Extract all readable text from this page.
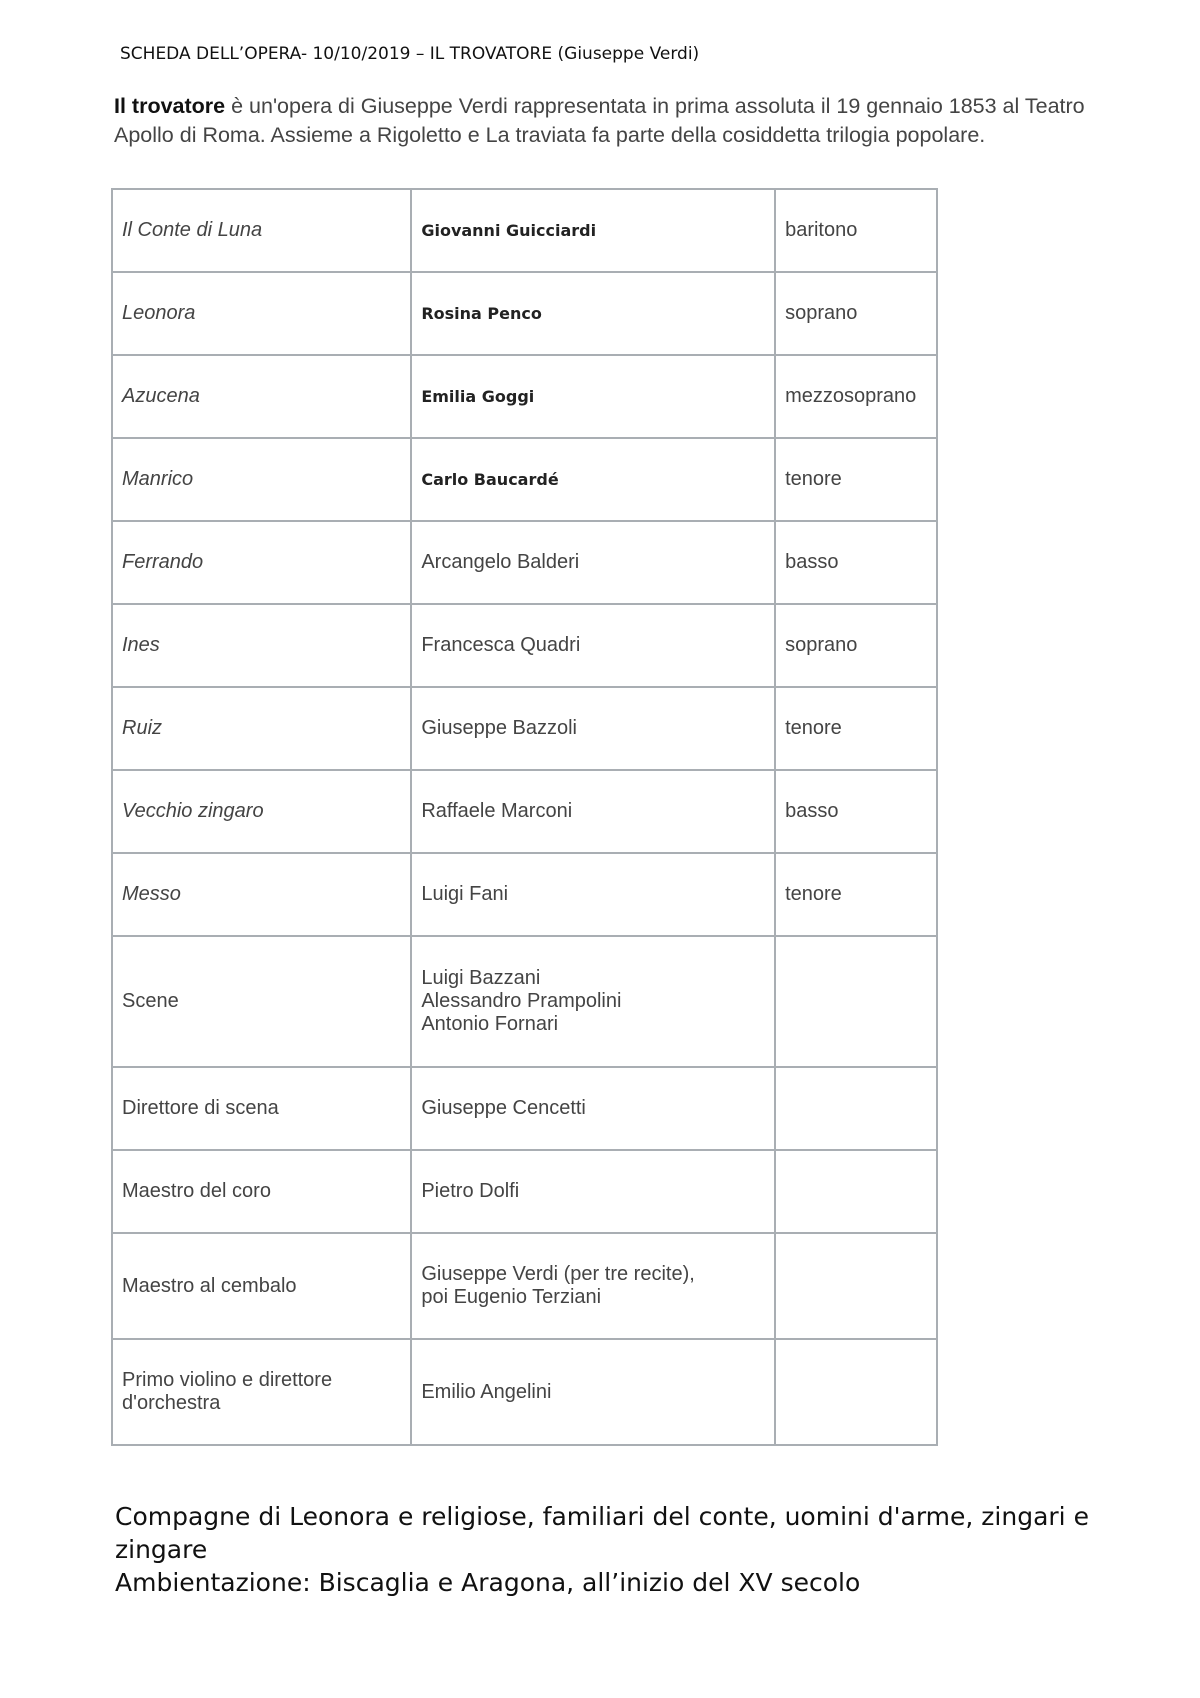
SCHEDA DELL’OPERA- 10/10/2019 – IL TROVATORE (Giuseppe Verdi)
Il trovatore è un'opera di Giuseppe Verdi rappresentata in prima assoluta il 19 gennaio 1853 al Teatro Apollo di Roma. Assieme a Rigoletto e La traviata fa parte della cosiddetta trilogia popolare.
Il Conte di Luna	Giovanni Guicciardi	baritono
Leonora	Rosina Penco	soprano
Azucena	Emilia Goggi	mezzosoprano
Manrico	Carlo Baucardé	tenore
Ferrando	Arcangelo Balderi	basso
Ines	Francesca Quadri	soprano
Ruiz	Giuseppe Bazzoli	tenore
Vecchio zingaro	Raffaele Marconi	basso
Messo	Luigi Fani	tenore
Scene	Luigi Bazzani
Alessandro Prampolini
Antonio Fornari	

Direttore di scena	Giuseppe Cencetti	
Maestro del coro	Pietro Dolfi	
Maestro al cembalo	Giuseppe Verdi (per tre recite),
poi Eugenio Terziani	

Primo violino e direttore d'orchestra	Emilio Angelini	
Compagne di Leonora e religiose, familiari del conte, uomini d'arme, zingari e zingare
Ambientazione: Biscaglia e Aragona, all’inizio del XV secolo
